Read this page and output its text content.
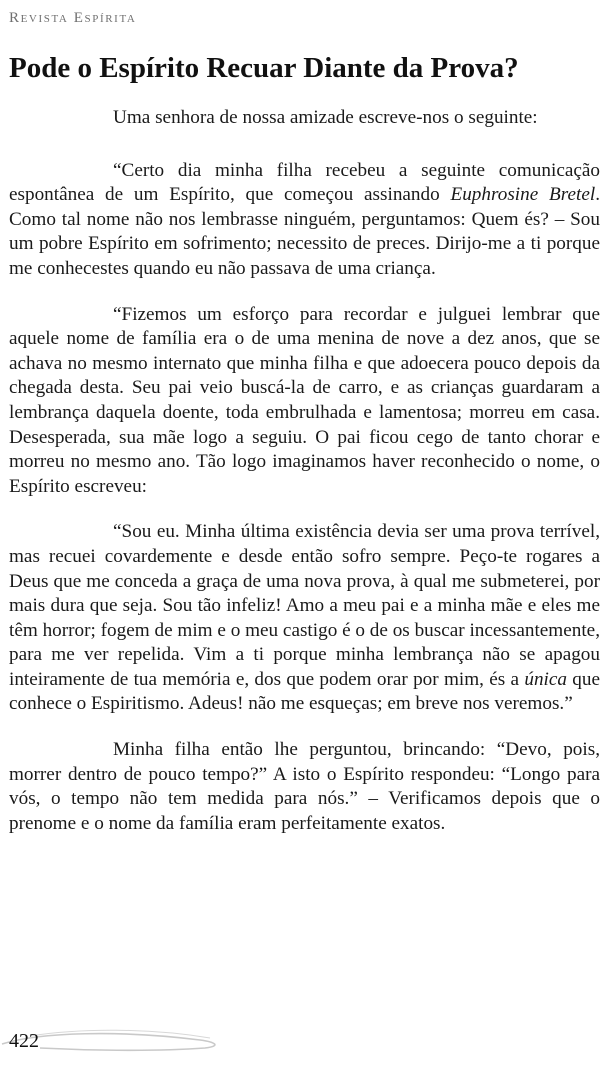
Revista Espírita
Pode o Espírito Recuar Diante da Prova?

Uma senhora de nossa amizade escreve-nos o seguinte:

“Certo dia minha filha recebeu a seguinte comunicação espontânea de um Espírito, que começou assinando Euphrosine Bretel. Como tal nome não nos lembrasse ninguém, perguntamos: Quem és? – Sou um pobre Espírito em sofrimento; necessito de preces. Dirijo-me a ti porque me conhecestes quando eu não passava de uma criança.

“Fizemos um esforço para recordar e julguei lembrar que aquele nome de família era o de uma menina de nove a dez anos, que se achava no mesmo internato que minha filha e que adoecera pouco depois da chegada desta. Seu pai veio buscá-la de carro, e as crianças guardaram a lembrança daquela doente, toda embrulhada e lamentosa; morreu em casa. Desesperada, sua mãe logo a seguiu. O pai ficou cego de tanto chorar e morreu no mesmo ano. Tão logo imaginamos haver reconhecido o nome, o Espírito escreveu:

“Sou eu. Minha última existência devia ser uma prova terrível, mas recuei covardemente e desde então sofro sempre. Peço-te rogares a Deus que me conceda a graça de uma nova prova, à qual me submeterei, por mais dura que seja. Sou tão infeliz! Amo a meu pai e a minha mãe e eles me têm horror; fogem de mim e o meu castigo é o de os buscar incessantemente, para me ver repelida. Vim a ti porque minha lembrança não se apagou inteiramente de tua memória e, dos que podem orar por mim, és a única que conhece o Espiritismo. Adeus! não me esqueças; em breve nos veremos.”

Minha filha então lhe perguntou, brincando: “Devo, pois, morrer dentro de pouco tempo?” A isto o Espírito respondeu: “Longo para vós, o tempo não tem medida para nós.” – Verificamos depois que o prenome e o nome da família eram perfeitamente exatos.

422
